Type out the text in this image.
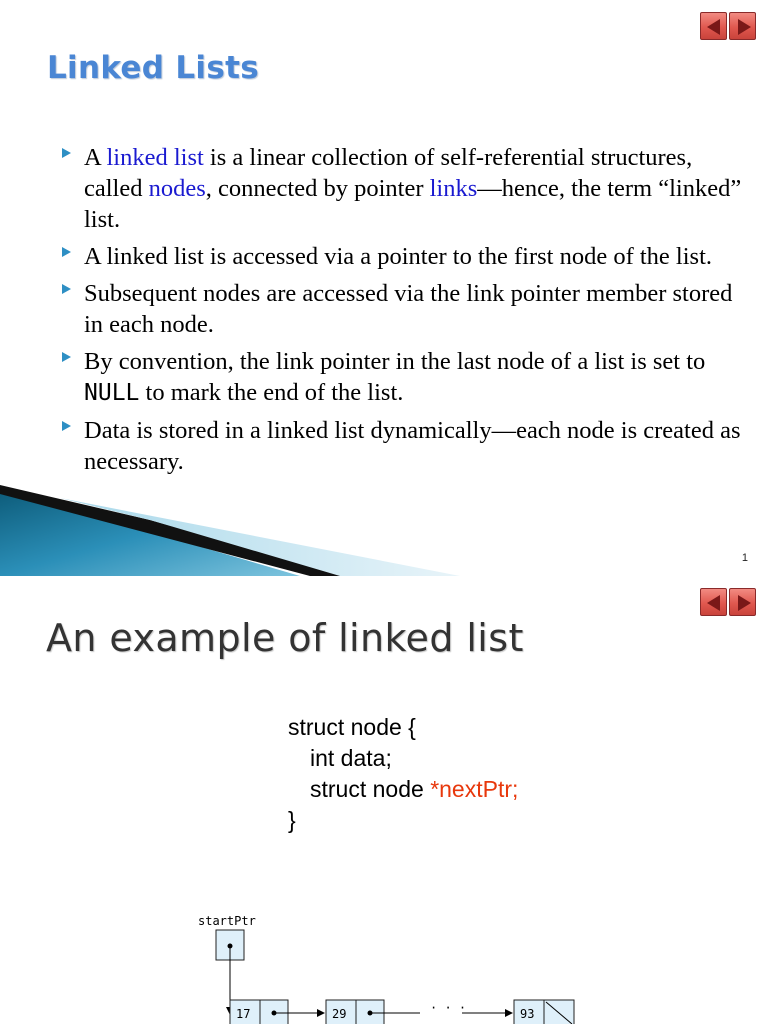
Linked Lists
A linked list is a linear collection of self-referential structures, called nodes, connected by pointer links—hence, the term “linked” list.
A linked list is accessed via a pointer to the first node of the list.
Subsequent nodes are accessed via the link pointer member stored in each node.
By convention, the link pointer in the last node of a list is set to NULL to mark the end of the list.
Data is stored in a linked list dynamically—each node is created as necessary.
1
An example of linked list
struct node {
int data;
struct node *nextPtr;
}
startPtr
17	29	· · ·	93
